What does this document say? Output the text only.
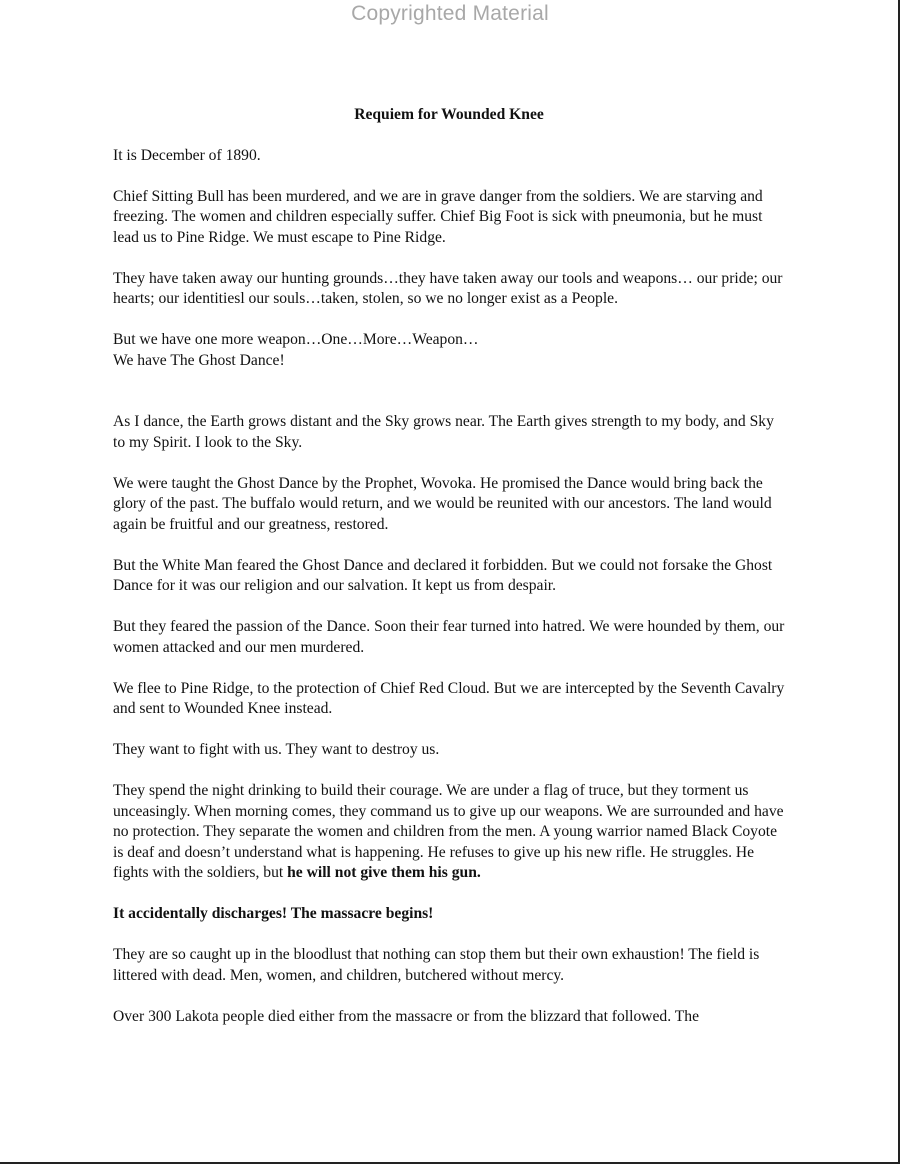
Copyrighted Material
Requiem for Wounded Knee

It is December of 1890.

Chief Sitting Bull has been murdered, and we are in grave danger from the soldiers. We are starving and freezing. The women and children especially suffer. Chief Big Foot is sick with pneumonia, but he must lead us to Pine Ridge. We must escape to Pine Ridge.

They have taken away our hunting grounds…they have taken away our tools and weapons… our pride; our hearts; our identitiesl our souls…taken, stolen, so we no longer exist as a People.

But we have one more weapon…One…More…Weapon…
We have The Ghost Dance!

As I dance, the Earth grows distant and the Sky grows near. The Earth gives strength to my body, and Sky to my Spirit. I look to the Sky.

We were taught the Ghost Dance by the Prophet, Wovoka. He promised the Dance would bring back the glory of the past. The buffalo would return, and we would be reunited with our ancestors. The land would again be fruitful and our greatness, restored.

But the White Man feared the Ghost Dance and declared it forbidden. But we could not forsake the Ghost Dance for it was our religion and our salvation. It kept us from despair.

But they feared the passion of the Dance. Soon their fear turned into hatred. We were hounded by them, our women attacked and our men murdered.

We flee to Pine Ridge, to the protection of Chief Red Cloud. But we are intercepted by the Seventh Cavalry and sent to Wounded Knee instead.

They want to fight with us. They want to destroy us.

They spend the night drinking to build their courage. We are under a flag of truce, but they torment us unceasingly. When morning comes, they command us to give up our weapons. We are surrounded and have no protection. They separate the women and children from the men. A young warrior named Black Coyote is deaf and doesn’t understand what is happening. He refuses to give up his new rifle. He struggles. He fights with the soldiers, but he will not give them his gun.

It accidentally discharges! The massacre begins!

They are so caught up in the bloodlust that nothing can stop them but their own exhaustion! The field is littered with dead. Men, women, and children, butchered without mercy.

Over 300 Lakota people died either from the massacre or from the blizzard that followed. The
